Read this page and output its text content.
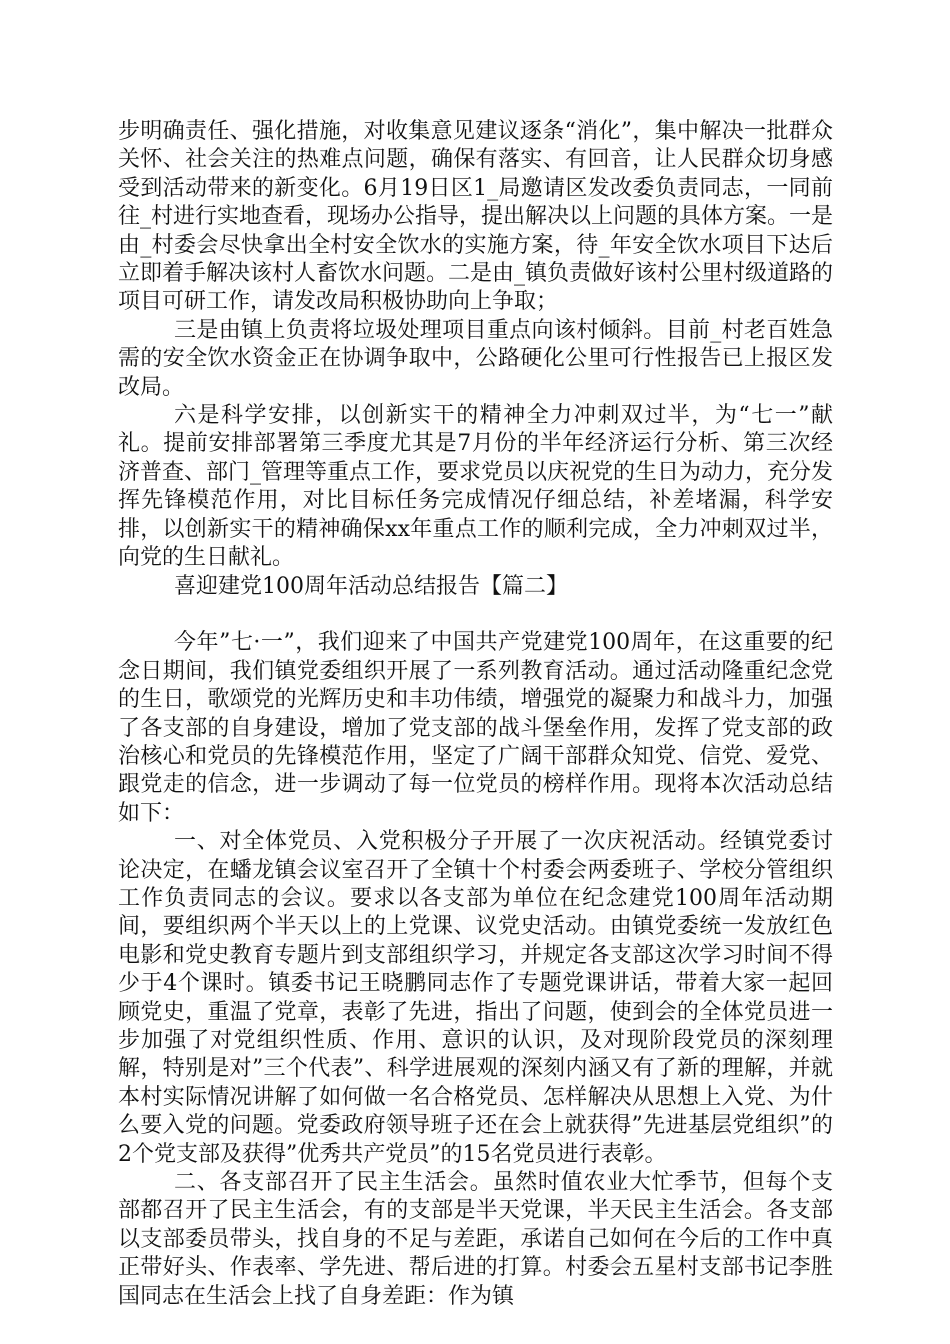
步明确责任、强化措施，对收集意见建议逐条“消化”，集中解决一批群众关怀、社会关注的热难点问题，确保有落实、有回音，让人民群众切身感受到活动带来的新变化。6月19日区1_局邀请区发改委负责同志，一同前往_村进行实地查看，现场办公指导，提出解决以上问题的具体方案。一是由_村委会尽快拿出全村安全饮水的实施方案，待_年安全饮水项目下达后立即着手解决该村人畜饮水问题。二是由_镇负责做好该村公里村级道路的项目可研工作，请发改局积极协助向上争取；

三是由镇上负责将垃圾处理项目重点向该村倾斜。目前_村老百姓急需的安全饮水资金正在协调争取中，公路硬化公里可行性报告已上报区发改局。

六是科学安排，以创新实干的精神全力冲刺双过半，为“七一”献礼。提前安排部署第三季度尤其是7月份的半年经济运行分析、第三次经济普查、部门_管理等重点工作，要求党员以庆祝党的生日为动力，充分发挥先锋模范作用，对比目标任务完成情况仔细总结，补差堵漏，科学安排，以创新实干的精神确保xx年重点工作的顺利完成，全力冲刺双过半，向党的生日献礼。

喜迎建党100周年活动总结报告【篇二】

今年”七·一”，我们迎来了中国共产党建党100周年，在这重要的纪念日期间，我们镇党委组织开展了一系列教育活动。通过活动隆重纪念党的生日，歌颂党的光辉历史和丰功伟绩，增强党的凝聚力和战斗力，加强了各支部的自身建设，增加了党支部的战斗堡垒作用，发挥了党支部的政治核心和党员的先锋模范作用，坚定了广阔干部群众知党、信党、爱党、跟党走的信念，进一步调动了每一位党员的榜样作用。现将本次活动总结如下：

一、对全体党员、入党积极分子开展了一次庆祝活动。经镇党委讨论决定，在蟠龙镇会议室召开了全镇十个村委会两委班子、学校分管组织工作负责同志的会议。要求以各支部为单位在纪念建党100周年活动期间，要组织两个半天以上的上党课、议党史活动。由镇党委统一发放红色电影和党史教育专题片到支部组织学习，并规定各支部这次学习时间不得少于4个课时。镇委书记王晓鹏同志作了专题党课讲话，带着大家一起回顾党史，重温了党章，表彰了先进，指出了问题，使到会的全体党员进一步加强了对党组织性质、作用、意识的认识，及对现阶段党员的深刻理解，特别是对”三个代表”、科学进展观的深刻内涵又有了新的理解，并就本村实际情况讲解了如何做一名合格党员、怎样解决从思想上入党、为什么要入党的问题。党委政府领导班子还在会上就获得”先进基层党组织”的2个党支部及获得”优秀共产党员”的15名党员进行表彰。

二、各支部召开了民主生活会。虽然时值农业大忙季节，但每个支部都召开了民主生活会，有的支部是半天党课，半天民主生活会。各支部以支部委员带头，找自身的不足与差距，承诺自己如何在今后的工作中真正带好头、作表率、学先进、帮后进的打算。村委会五星村支部书记李胜国同志在生活会上找了自身差距：作为镇
